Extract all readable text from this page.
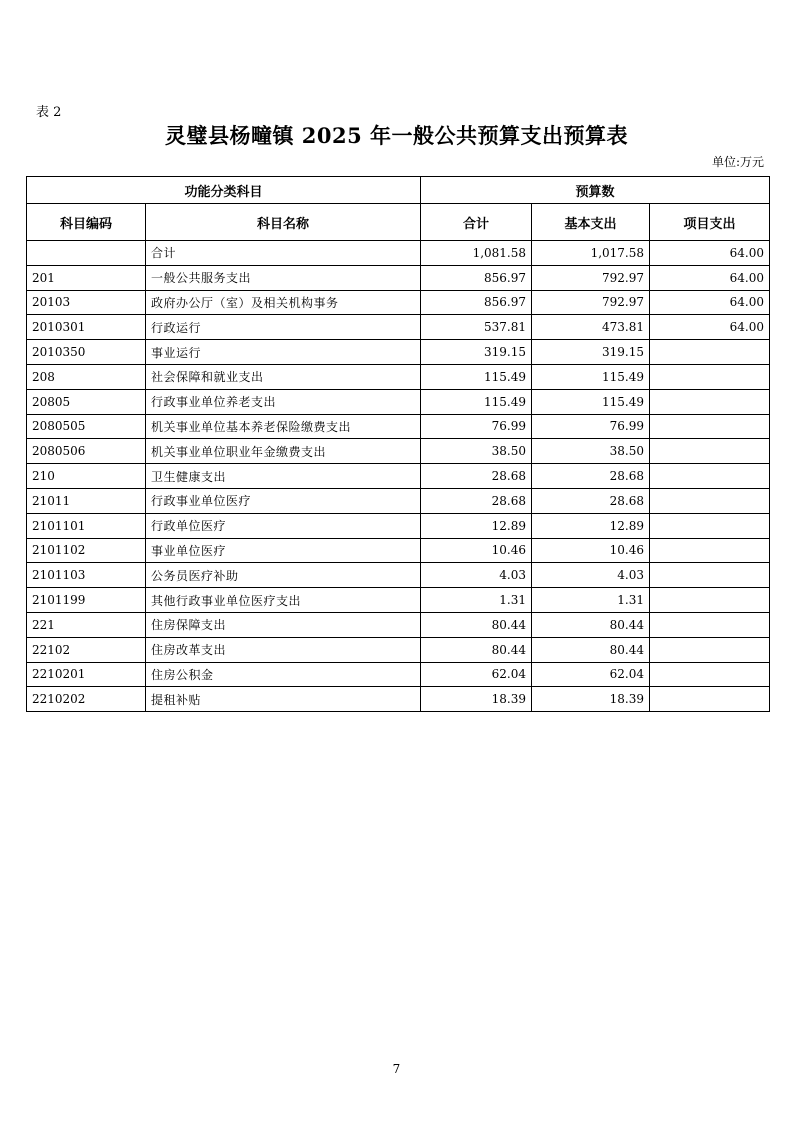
表 2
灵璧县杨疃镇 2025 年一般公共预算支出预算表
单位:万元
功能分类科目		预算数		
科目编码	科目名称	合计	基本支出	项目支出
	合计	1,081.58	1,017.58	64.00
201	一般公共服务支出	856.97	792.97	64.00
20103	政府办公厅（室）及相关机构事务	856.97	792.97	64.00
2010301	行政运行	537.81	473.81	64.00
2010350	事业运行	319.15	319.15	
208	社会保障和就业支出	115.49	115.49	
20805	行政事业单位养老支出	115.49	115.49	
2080505	机关事业单位基本养老保险缴费支出	76.99	76.99	
2080506	机关事业单位职业年金缴费支出	38.50	38.50	
210	卫生健康支出	28.68	28.68	
21011	行政事业单位医疗	28.68	28.68	
2101101	行政单位医疗	12.89	12.89	
2101102	事业单位医疗	10.46	10.46	
2101103	公务员医疗补助	4.03	4.03	
2101199	其他行政事业单位医疗支出	1.31	1.31	
221	住房保障支出	80.44	80.44	
22102	住房改革支出	80.44	80.44	
2210201	住房公积金	62.04	62.04	
2210202	提租补贴	18.39	18.39	
7
